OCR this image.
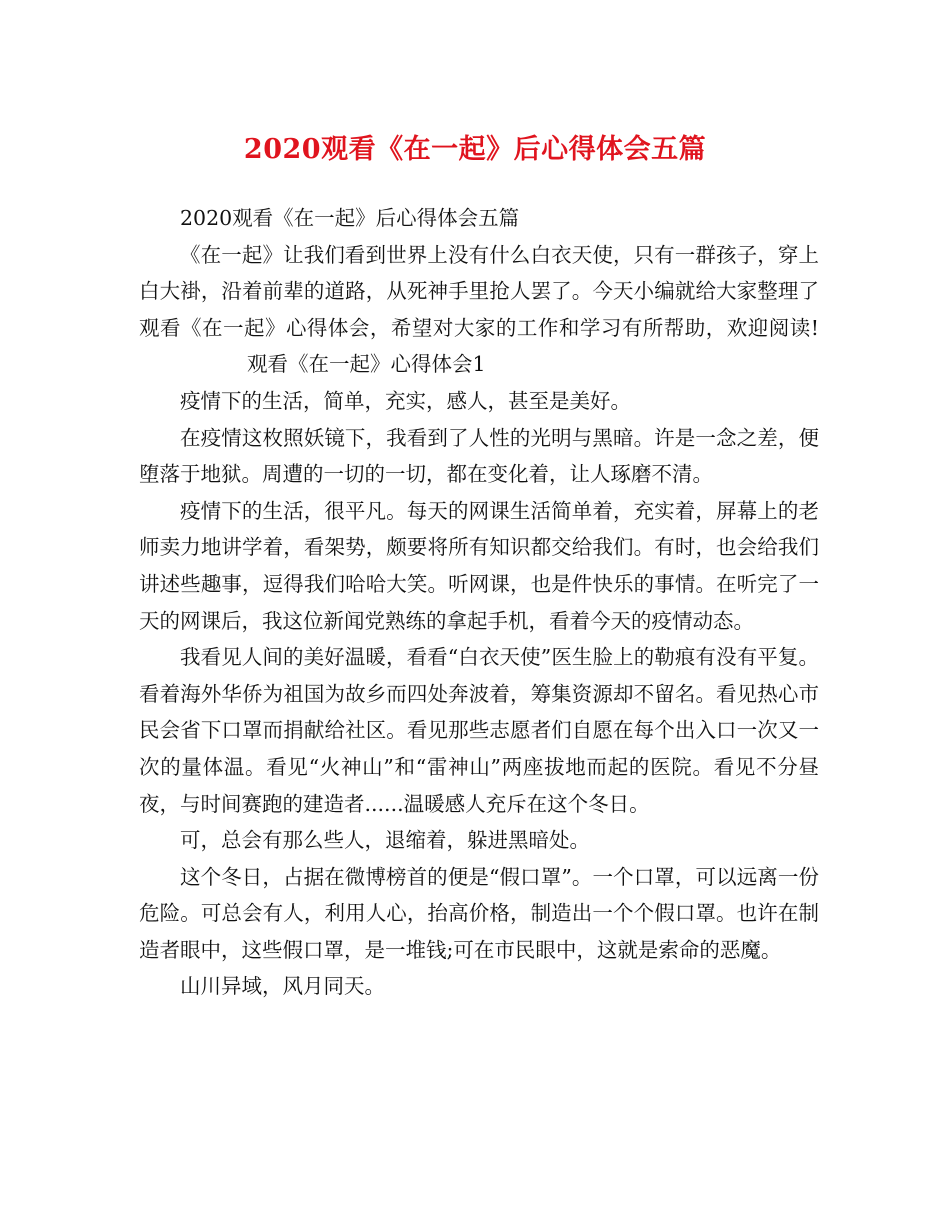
2020观看《在一起》后心得体会五篇

2020观看《在一起》后心得体会五篇

《在一起》让我们看到世界上没有什么白衣天使，只有一群孩子，穿上白大褂，沿着前辈的道路，从死神手里抢人罢了。今天小编就给大家整理了观看《在一起》心得体会，希望对大家的工作和学习有所帮助，欢迎阅读!观看《在一起》心得体会1

疫情下的生活，简单，充实，感人，甚至是美好。

在疫情这枚照妖镜下，我看到了人性的光明与黑暗。许是一念之差，便堕落于地狱。周遭的一切的一切，都在变化着，让人琢磨不清。

疫情下的生活，很平凡。每天的网课生活简单着，充实着，屏幕上的老师卖力地讲学着，看架势，颇要将所有知识都交给我们。有时，也会给我们讲述些趣事，逗得我们哈哈大笑。听网课，也是件快乐的事情。在听完了一天的网课后，我这位新闻党熟练的拿起手机，看着今天的疫情动态。

我看见人间的美好温暖，看看“白衣天使”医生脸上的勒痕有没有平复。看着海外华侨为祖国为故乡而四处奔波着，筹集资源却不留名。看见热心市民会省下口罩而捐献给社区。看见那些志愿者们自愿在每个出入口一次又一次的量体温。看见“火神山”和“雷神山”两座拔地而起的医院。看见不分昼夜，与时间赛跑的建造者......温暖感人充斥在这个冬日。

可，总会有那么些人，退缩着，躲进黑暗处。

这个冬日，占据在微博榜首的便是“假口罩”。一个口罩，可以远离一份危险。可总会有人，利用人心，抬高价格，制造出一个个假口罩。也许在制造者眼中，这些假口罩，是一堆钱;可在市民眼中，这就是索命的恶魔。

山川异域，风月同天。
